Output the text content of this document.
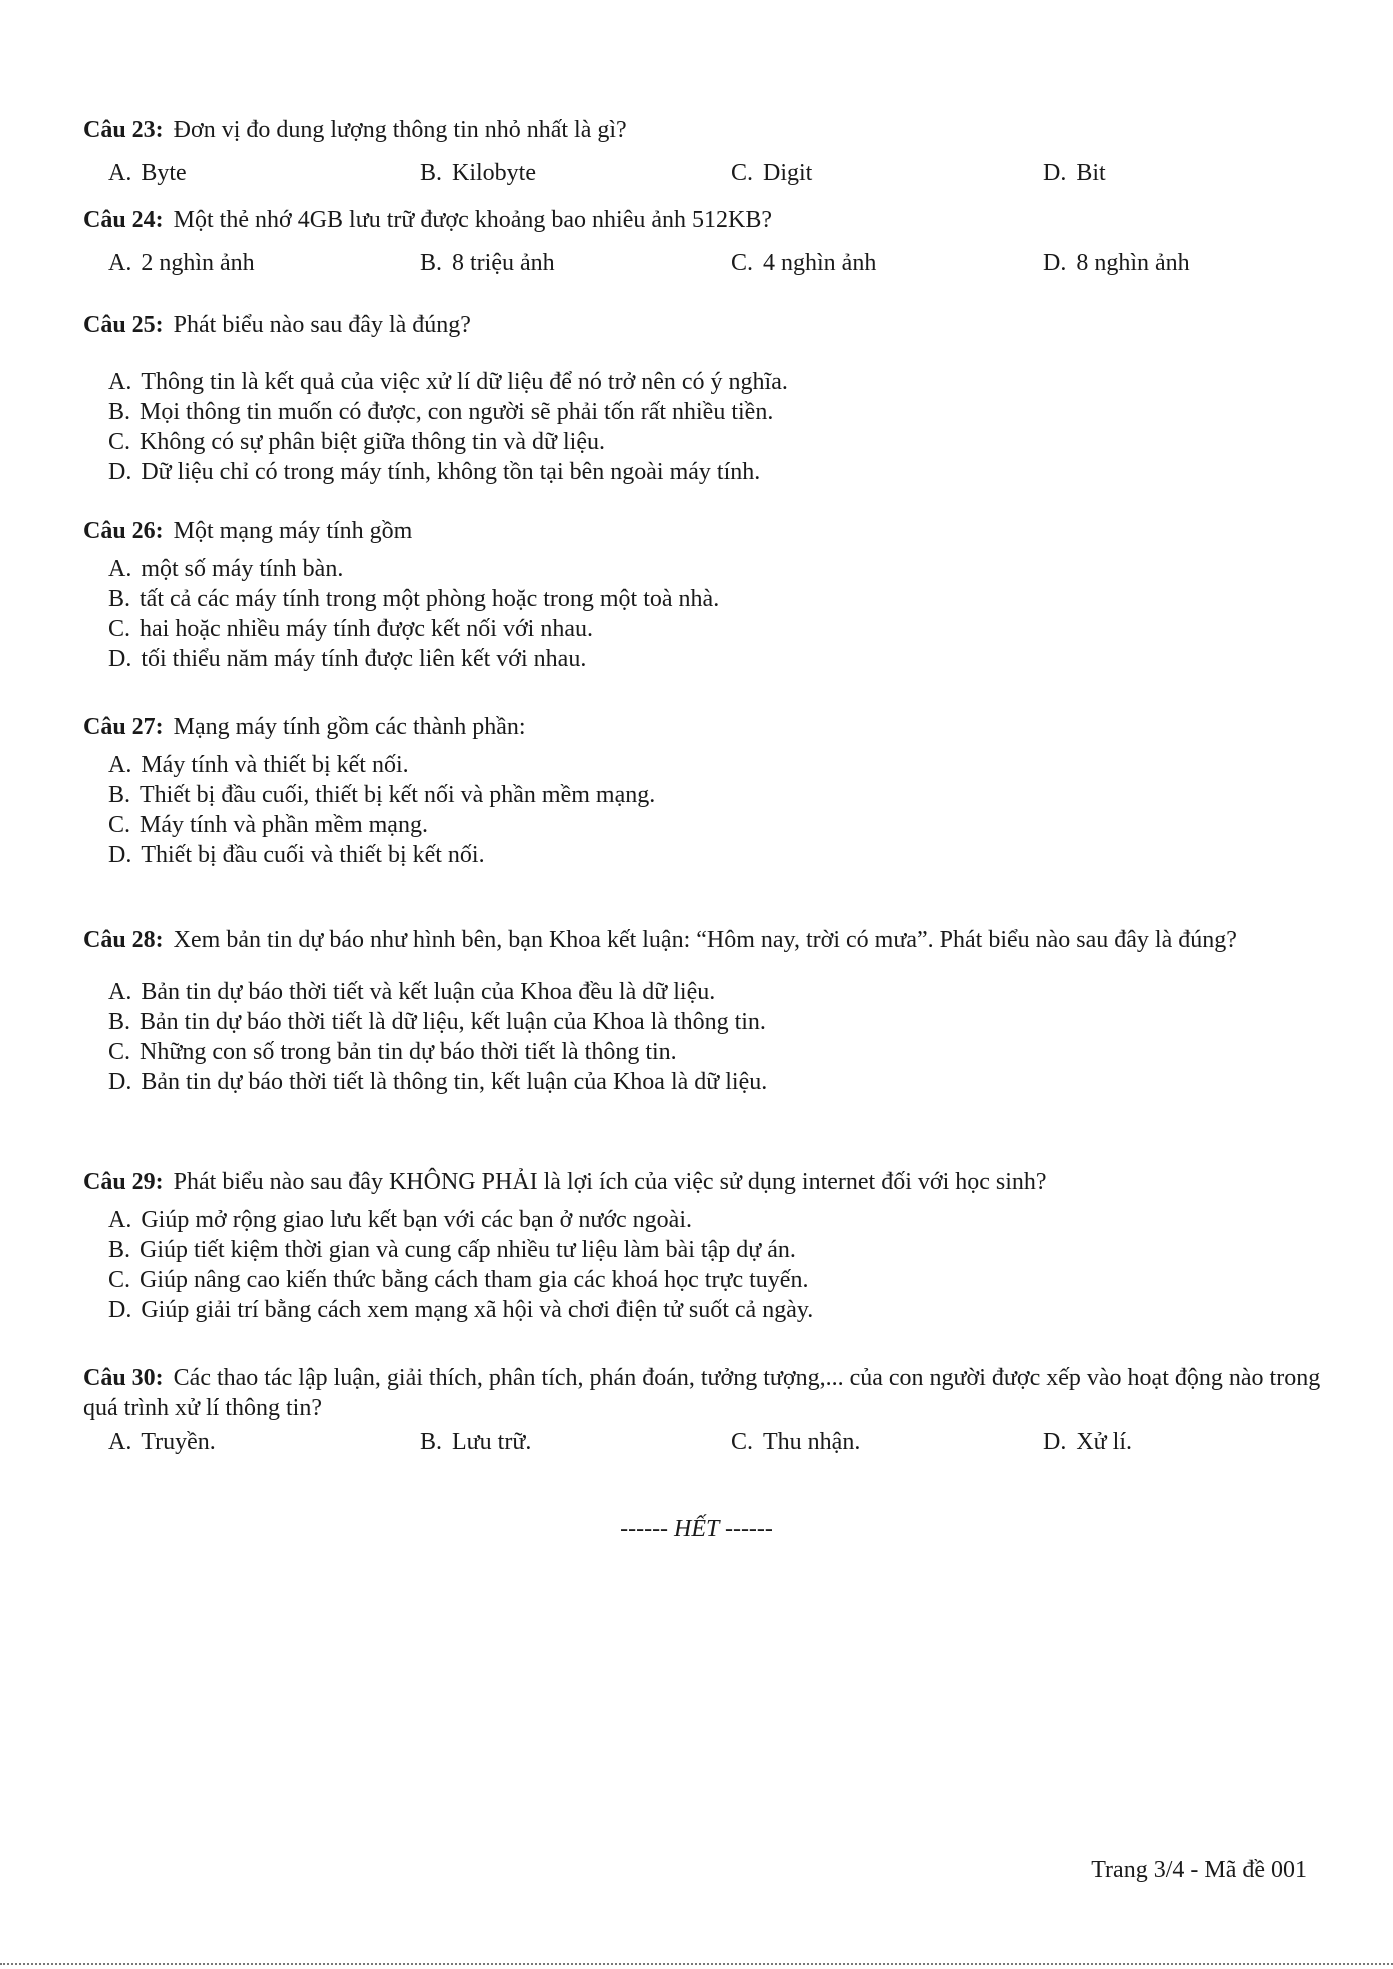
Câu 23: Đơn vị đo dung lượng thông tin nhỏ nhất là gì?

A. Byte	B. Kilobyte	C. Digit	D. Bit

Câu 24: Một thẻ nhớ 4GB lưu trữ được khoảng bao nhiêu ảnh 512KB?

A. 2 nghìn ảnh	B. 8 triệu ảnh	C. 4 nghìn ảnh	D. 8 nghìn ảnh

Câu 25: Phát biểu nào sau đây là đúng?

A. Thông tin là kết quả của việc xử lí dữ liệu để nó trở nên có ý nghĩa.

B. Mọi thông tin muốn có được, con người sẽ phải tốn rất nhiều tiền.

C. Không có sự phân biệt giữa thông tin và dữ liệu.

D. Dữ liệu chỉ có trong máy tính, không tồn tại bên ngoài máy tính.

Câu 26: Một mạng máy tính gồm

A. một số máy tính bàn.

B. tất cả các máy tính trong một phòng hoặc trong một toà nhà.

C. hai hoặc nhiều máy tính được kết nối với nhau.

D. tối thiểu năm máy tính được liên kết với nhau.

Câu 27: Mạng máy tính gồm các thành phần:

A. Máy tính và thiết bị kết nối.

B. Thiết bị đầu cuối, thiết bị kết nối và phần mềm mạng.

C. Máy tính và phần mềm mạng.

D. Thiết bị đầu cuối và thiết bị kết nối.

Câu 28: Xem bản tin dự báo như hình bên, bạn Khoa kết luận: “Hôm nay, trời có mưa”. Phát biểu nào sau đây là đúng?

A. Bản tin dự báo thời tiết và kết luận của Khoa đều là dữ liệu.

B. Bản tin dự báo thời tiết là dữ liệu, kết luận của Khoa là thông tin.

C. Những con số trong bản tin dự báo thời tiết là thông tin.

D. Bản tin dự báo thời tiết là thông tin, kết luận của Khoa là dữ liệu.

Câu 29: Phát biểu nào sau đây KHÔNG PHẢI là lợi ích của việc sử dụng internet đối với học sinh?

A. Giúp mở rộng giao lưu kết bạn với các bạn ở nước ngoài.

B. Giúp tiết kiệm thời gian và cung cấp nhiều tư liệu làm bài tập dự án.

C. Giúp nâng cao kiến thức bằng cách tham gia các khoá học trực tuyến.

D. Giúp giải trí bằng cách xem mạng xã hội và chơi điện tử suốt cả ngày.

Câu 30: Các thao tác lập luận, giải thích, phân tích, phán đoán, tưởng tượng,... của con người được xếp vào hoạt động nào trong quá trình xử lí thông tin?

A. Truyền.	B. Lưu trữ.	C. Thu nhận.	D. Xử lí.
------ HẾT ------
Trang 3/4 - Mã đề 001
